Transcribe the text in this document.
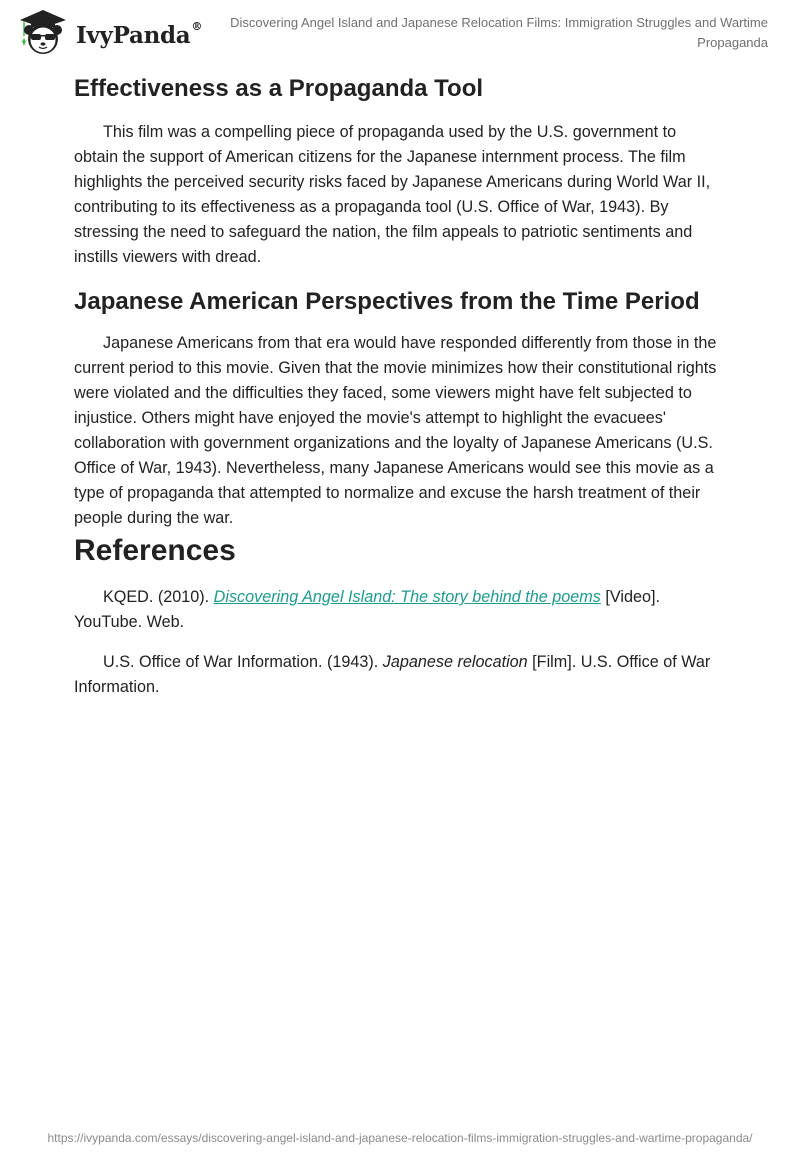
IvyPanda®	Discovering Angel Island and Japanese Relocation Films: Immigration Struggles and Wartime Propaganda
Effectiveness as a Propaganda Tool

This film was a compelling piece of propaganda used by the U.S. government to obtain the support of American citizens for the Japanese internment process. The film highlights the perceived security risks faced by Japanese Americans during World War II, contributing to its effectiveness as a propaganda tool (U.S. Office of War, 1943). By stressing the need to safeguard the nation, the film appeals to patriotic sentiments and instills viewers with dread.

Japanese American Perspectives from the Time Period

Japanese Americans from that era would have responded differently from those in the current period to this movie. Given that the movie minimizes how their constitutional rights were violated and the difficulties they faced, some viewers might have felt subjected to injustice. Others might have enjoyed the movie's attempt to highlight the evacuees' collaboration with government organizations and the loyalty of Japanese Americans (U.S. Office of War, 1943). Nevertheless, many Japanese Americans would see this movie as a type of propaganda that attempted to normalize and excuse the harsh treatment of their people during the war.

References

KQED. (2010). Discovering Angel Island: The story behind the poems [Video]. YouTube. Web.

U.S. Office of War Information. (1943). Japanese relocation [Film]. U.S. Office of War Information.

https://ivypanda.com/essays/discovering-angel-island-and-japanese-relocation-films-immigration-struggles-and-wartime-propaganda/
